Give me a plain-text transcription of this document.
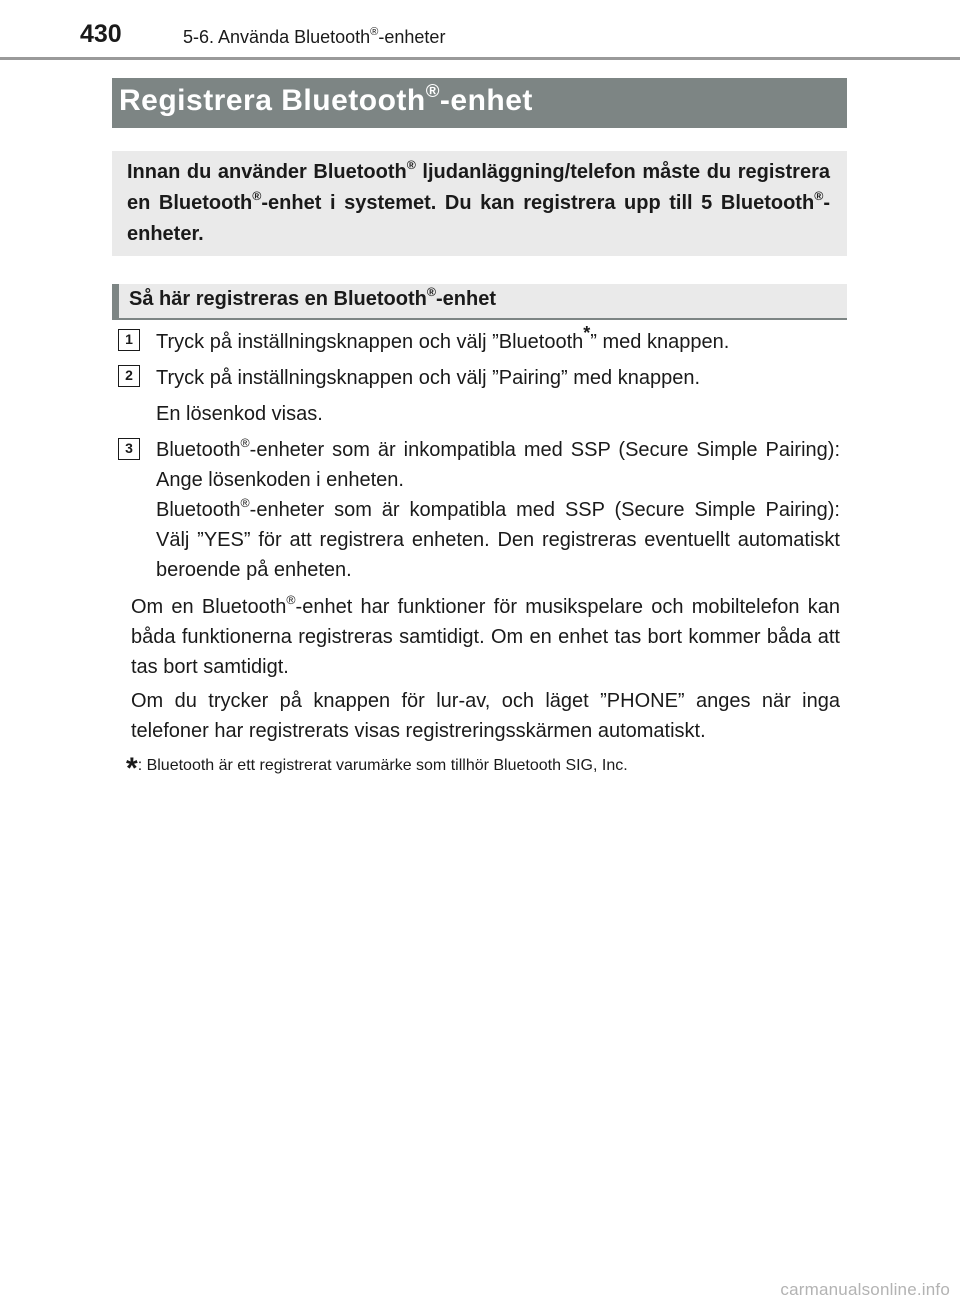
430	5-6. Använda Bluetooth®-enheter
Registrera Bluetooth®-enhet
Innan du använder Bluetooth® ljudanläggning/telefon måste du registrera en Bluetooth®-enhet i systemet. Du kan registrera upp till 5 Bluetooth®-enheter.
Så här registreras en Bluetooth®-enhet
1	Tryck på inställningsknappen och välj ”Bluetooth*” med knappen.
2	Tryck på inställningsknappen och välj ”Pairing” med knappen.
En lösenkod visas.
3	Bluetooth®-enheter som är inkompatibla med SSP (Secure Simple Pairing): Ange lösenkoden i enheten.
Bluetooth®-enheter som är kompatibla med SSP (Secure Simple Pairing): Välj ”YES” för att registrera enheten. Den registreras eventuellt automatiskt beroende på enheten.
Om en Bluetooth®-enhet har funktioner för musikspelare och mobiltelefon kan båda funktionerna registreras samtidigt. Om en enhet tas bort kommer båda att tas bort samtidigt.
Om du trycker på knappen för lur-av, och läget ”PHONE” anges när inga telefoner har registrerats visas registreringsskärmen automatiskt.
*: Bluetooth är ett registrerat varumärke som tillhör Bluetooth SIG, Inc.
carmanualsonline.info
